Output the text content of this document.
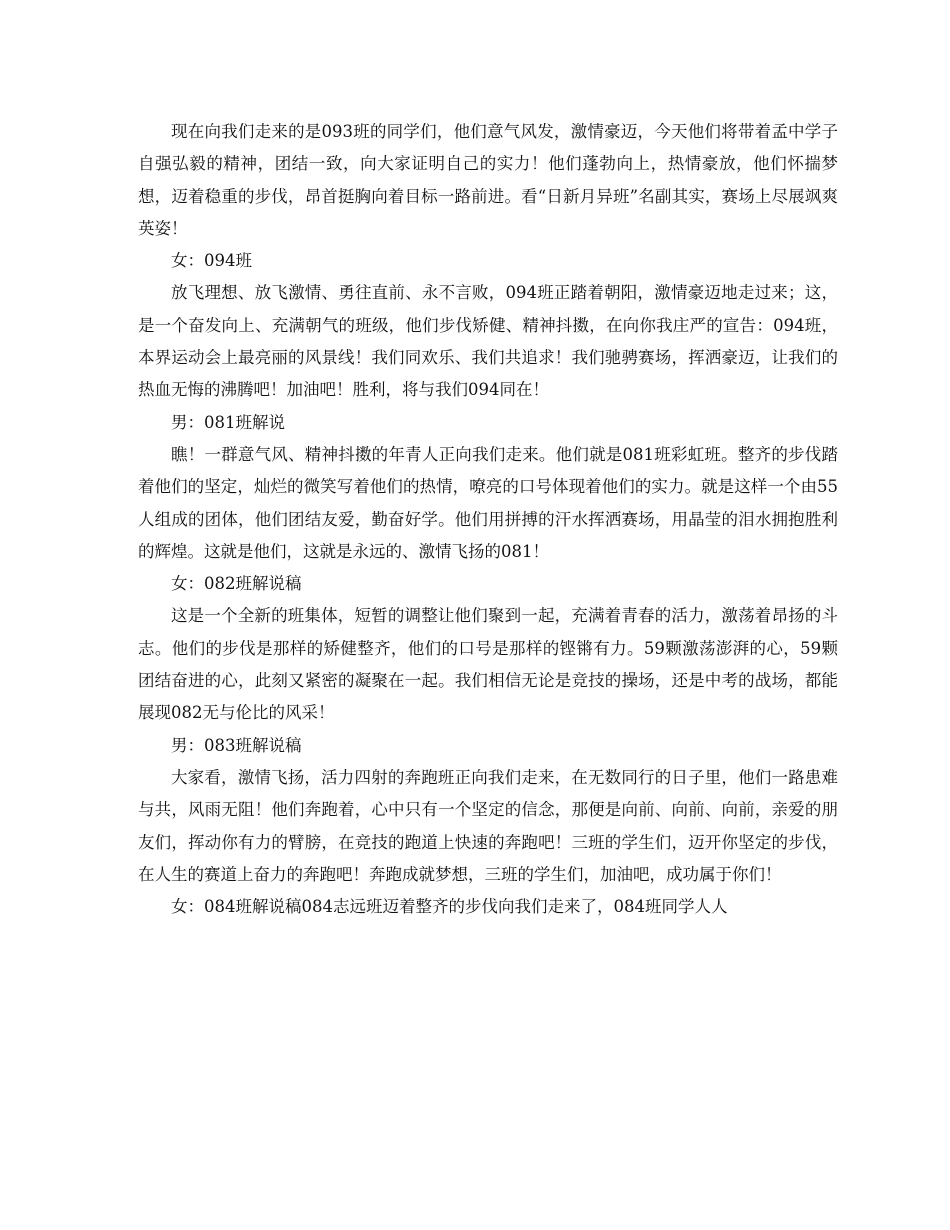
现在向我们走来的是093班的同学们，他们意气风发，激情豪迈，今天他们将带着孟中学子自强弘毅的精神，团结一致，向大家证明自己的实力！他们蓬勃向上，热情豪放，他们怀揣梦想，迈着稳重的步伐，昂首挺胸向着目标一路前进。看“日新月异班”名副其实，赛场上尽展飒爽英姿！

女：094班

放飞理想、放飞激情、勇往直前、永不言败，094班正踏着朝阳，激情豪迈地走过来；这，是一个奋发向上、充满朝气的班级，他们步伐矫健、精神抖擞，在向你我庄严的宣告：094班，本界运动会上最亮丽的风景线！我们同欢乐、我们共追求！我们驰骋赛场，挥洒豪迈，让我们的热血无悔的沸腾吧！加油吧！胜利，将与我们094同在！

男：081班解说

瞧！一群意气风、精神抖擞的年青人正向我们走来。他们就是081班彩虹班。整齐的步伐踏着他们的坚定，灿烂的微笑写着他们的热情，嘹亮的口号体现着他们的实力。就是这样一个由55人组成的团体，他们团结友爱，勤奋好学。他们用拼搏的汗水挥洒赛场，用晶莹的泪水拥抱胜利的辉煌。这就是他们，这就是永远的、激情飞扬的081！

女：082班解说稿

这是一个全新的班集体，短暂的调整让他们聚到一起，充满着青春的活力，激荡着昂扬的斗志。他们的步伐是那样的矫健整齐，他们的口号是那样的铿锵有力。59颗激荡澎湃的心，59颗团结奋进的心，此刻又紧密的凝聚在一起。我们相信无论是竞技的操场，还是中考的战场，都能展现082无与伦比的风采！

男：083班解说稿

大家看，激情飞扬，活力四射的奔跑班正向我们走来，在无数同行的日子里，他们一路患难与共，风雨无阻！他们奔跑着，心中只有一个坚定的信念，那便是向前、向前、向前，亲爱的朋友们，挥动你有力的臂膀，在竞技的跑道上快速的奔跑吧！三班的学生们，迈开你坚定的步伐，在人生的赛道上奋力的奔跑吧！奔跑成就梦想，三班的学生们，加油吧，成功属于你们！

女：084班解说稿084志远班迈着整齐的步伐向我们走来了，084班同学人人
